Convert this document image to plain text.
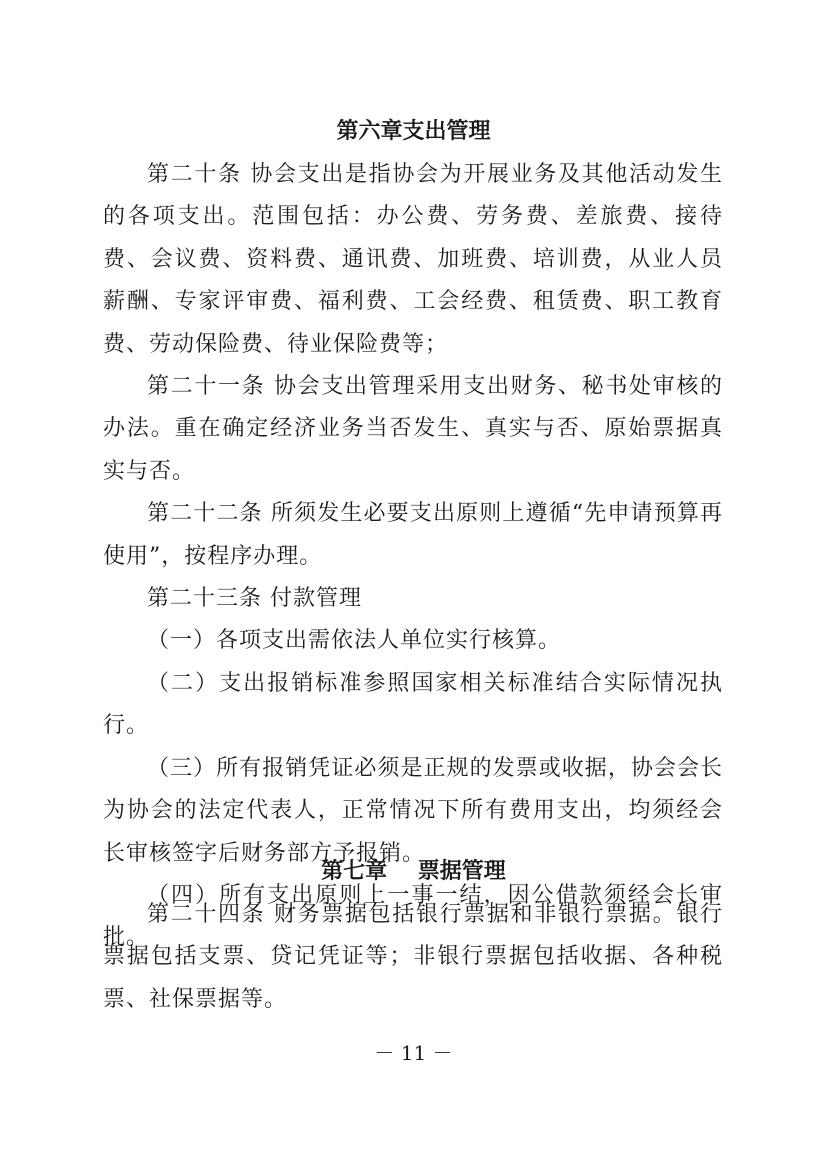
第六章支出管理

第二十条 协会支出是指协会为开展业务及其他活动发生的各项支出。范围包括：办公费、劳务费、差旅费、接待费、会议费、资料费、通讯费、加班费、培训费，从业人员薪酬、专家评审费、福利费、工会经费、租赁费、职工教育费、劳动保险费、待业保险费等；

第二十一条 协会支出管理采用支出财务、秘书处审核的办法。重在确定经济业务当否发生、真实与否、原始票据真实与否。

第二十二条 所须发生必要支出原则上遵循“先申请预算再使用”，按程序办理。

第二十三条 付款管理

（一）各项支出需依法人单位实行核算。

（二）支出报销标准参照国家相关标准结合实际情况执行。

（三）所有报销凭证必须是正规的发票或收据，协会会长为协会的法定代表人，正常情况下所有费用支出，均须经会长审核签字后财务部方予报销。

（四）所有支出原则上一事一结，因公借款须经会长审批。

第七章    票据管理

第二十四条 财务票据包括银行票据和非银行票据。银行票据包括支票、贷记凭证等；非银行票据包括收据、各种税票、社保票据等。

－ 11 －
